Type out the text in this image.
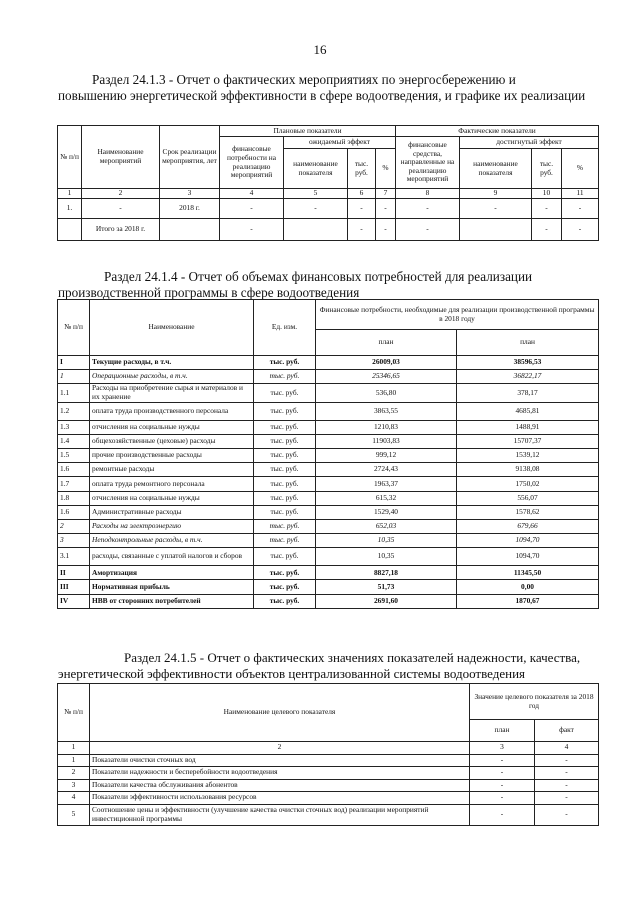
16
Раздел 24.1.3 - Отчет о фактических мероприятиях по энергосбережению и
повышению энергетической эффективности в сфере водоотведения, и графике их реализации
№ п/п	Наименование мероприятий	Срок реализации мероприятия, лет	Плановые показатели				Фактические показатели			
			финансовые потребности на реализацию мероприятий	ожидаемый эффект			финансовые средства, направленные на реализацию мероприятий	достигнутый эффект		
				наименование показателя	тыс. руб.	%		наименование показателя	тыс. руб.	%
1	2	3	4	5	6	7	8	9	10	11
1.	-	2018 г.	-	-	-	-	-	-	-	-
	Итого за 2018 г.		-		-	-	-		-	-
Раздел 24.1.4 - Отчет об объемах финансовых потребностей для реализации
производственной программы в сфере водоотведения
№ п/п	Наименование	Ед. изм.	Финансовые потребности, необходимые для реализации производственной программы в 2018 году	
			план	план
I	Текущие расходы, в т.ч.	тыс. руб.	26009,03	38596,53
1	Операционные расходы, в т.ч.	тыс. руб.	25346,65	36822,17
1.1	Расходы на приобретение сырья и материалов и их хранение	тыс. руб.	536,80	378,17
1.2	оплата труда производственного персонала	тыс. руб.	3863,55	4685,81
1.3	отчисления на социальные нужды	тыс. руб.	1210,83	1488,91
1.4	общехозяйственные (цеховые) расходы	тыс. руб.	11903,83	15707,37
1.5	прочие производственные расходы	тыс. руб.	999,12	1539,12
1.6	ремонтные расходы	тыс. руб.	2724,43	9138,08
1.7	оплата труда ремонтного персонала	тыс. руб.	1963,37	1750,02
1.8	отчисления на социальные нужды	тыс. руб.	615,32	556,07
1.6	Административные расходы	тыс. руб.	1529,40	1578,62
2	Расходы на электроэнергию	тыс. руб.	652,03	679,66
3	Неподконтрольные расходы, в т.ч.	тыс. руб.	10,35	1094,70
3.1	расходы, связанные с уплатой налогов и сборов	тыс. руб.	10,35	1094,70
II	Амортизация	тыс. руб.	8827,18	11345,50
III	Нормативная прибыль	тыс. руб.	51,73	0,00
IV	НВВ от сторонних потребителей	тыс. руб.	2691,60	1870,67
Раздел 24.1.5 - Отчет о фактических значениях показателей надежности, качества,
энергетической эффективности объектов централизованной системы водоотведения
№ п/п	Наименование целевого показателя	Значение целевого показателя за 2018 год	
		план	факт
1	2	3	4
1	Показатели очистки сточных вод	-	-
2	Показатели надежности и бесперебойности водоотведения	-	-
3	Показатели качества обслуживания абонентов	-	-
4	Показатели эффективности использования ресурсов	-	-
5	Соотношение цены и эффективности (улучшение качества очистки сточных вод) реализации мероприятий инвестиционной программы	-	-
